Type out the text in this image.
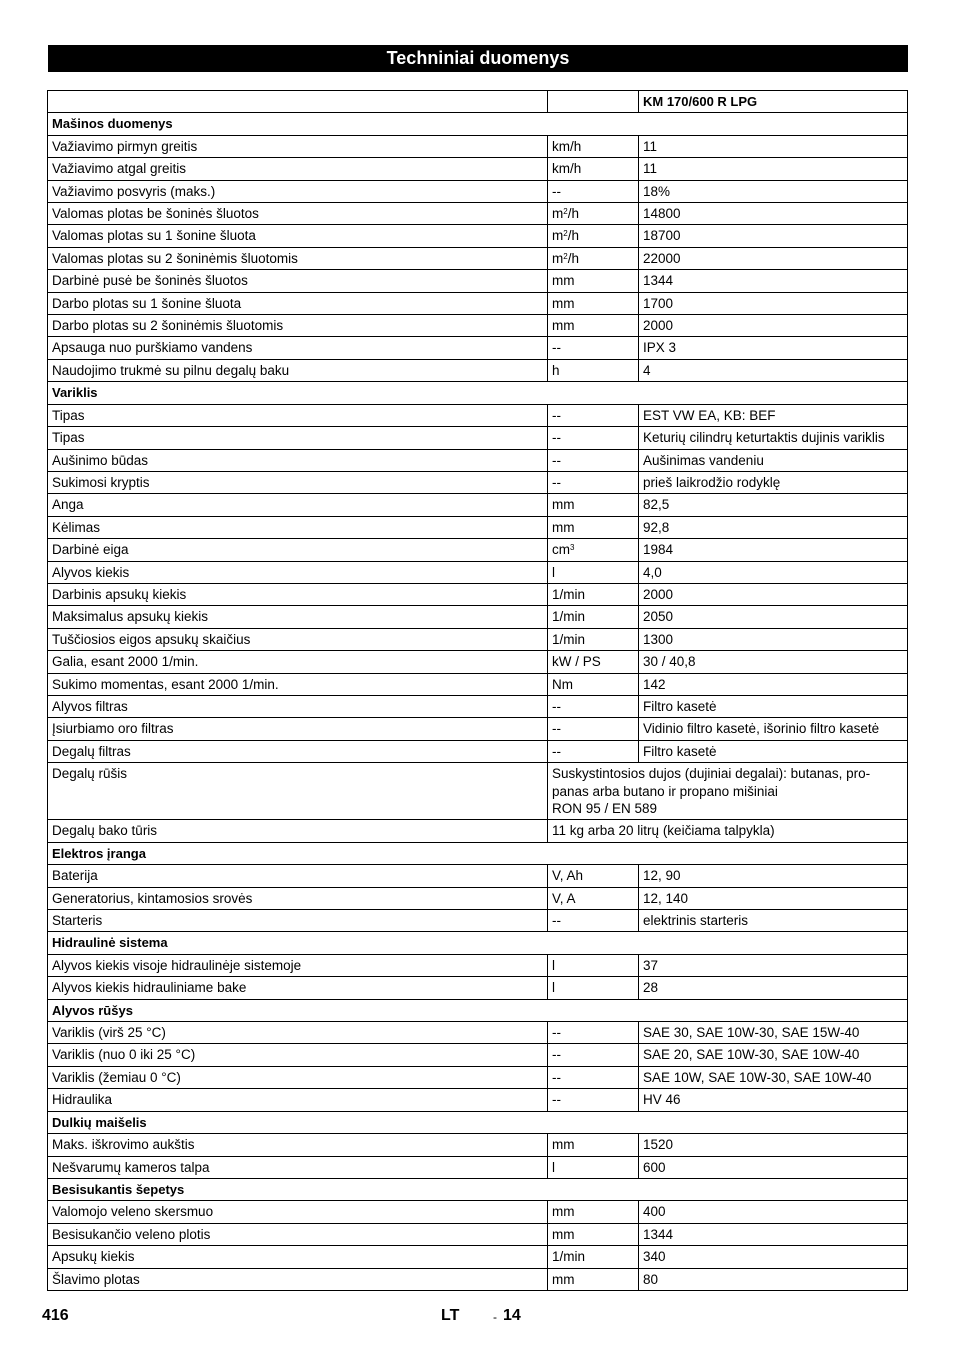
Techniniai duomenys
		KM 170/600 R LPG
Mašinos duomenys		
Važiavimo pirmyn greitis	km/h	11
Važiavimo atgal greitis	km/h	11
Važiavimo posvyris (maks.)	--	18%
Valomas plotas be šoninės šluotos	$m^2/h$	14800
Valomas plotas su 1 šonine šluota	$m^2/h$	18700
Valomas plotas su 2 šoninėmis šluotomis	$m^2/h$	22000
Darbinė pusė be šoninės šluotos	mm	1344
Darbo plotas su 1 šonine šluota	mm	1700
Darbo plotas su 2 šoninėmis šluotomis	mm	2000
Apsauga nuo purškiamo vandens	--	IPX 3
Naudojimo trukmė su pilnu degalų baku	h	4
Variklis		
Tipas	--	EST VW EA, KB: BEF
Tipas	--	Keturių cilindrų keturtaktis dujinis variklis
Aušinimo būdas	--	Aušinimas vandeniu
Sukimosi kryptis	--	prieš laikrodžio rodyklę
Anga	mm	82,5
Kėlimas	mm	92,8
Darbinė eiga	$cm^3$	1984
Alyvos kiekis	l	4,0
Darbinis apsukų kiekis	1/min	2000
Maksimalus apsukų kiekis	1/min	2050
Tuščiosios eigos apsukų skaičius	1/min	1300
Galia, esant 2000 1/min.	kW / PS	30 / 40,8
Sukimo momentas, esant 2000 1/min.	Nm	142
Alyvos filtras	--	Filtro kasetė
Įsiurbiamo oro filtras	--	Vidinio filtro kasetė, išorinio filtro kasetė
Degalų filtras	--	Filtro kasetė
Degalų rūšis	Suskystintosios dujos (dujiniai degalai): butanas, pro-
panas arba butano ir propano mišiniai
RON 95 / EN 589	
Degalų bako tūris	11 kg arba 20 litrų (keičiama talpykla)	
Elektros įranga		
Baterija	V, Ah	12, 90
Generatorius, kintamosios srovės	V, A	12, 140
Starteris	--	elektrinis starteris
Hidraulinė sistema		
Alyvos kiekis visoje hidraulinėje sistemoje	l	37
Alyvos kiekis hidrauliniame bake	l	28
Alyvos rūšys		
Variklis (virš 25 °C)	--	SAE 30, SAE 10W-30, SAE 15W-40
Variklis (nuo 0 iki 25 °C)	--	SAE 20, SAE 10W-30, SAE 10W-40
Variklis (žemiau 0 °C)	--	SAE 10W, SAE 10W-30, SAE 10W-40
Hidraulika	--	HV 46
Dulkių maišelis		
Maks. iškrovimo aukštis	mm	1520
Nešvarumų kameros talpa	l	600
Besisukantis šepetys		
Valomojo veleno skersmuo	mm	400
Besisukančio veleno plotis	mm	1344
Apsukų kiekis	1/min	340
Šlavimo plotas	mm	80
416	LT	- 14
